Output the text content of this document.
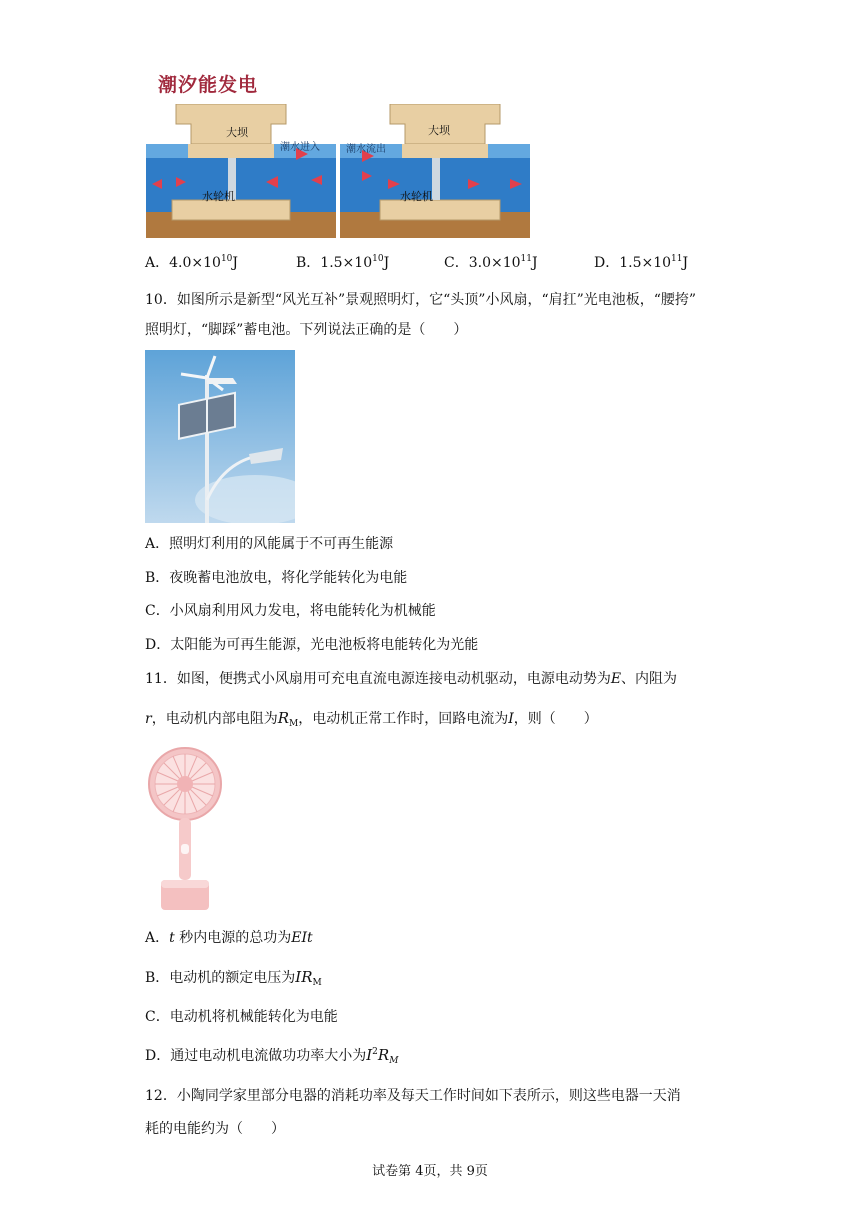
潮汐能发电
大坝
潮水进入
水轮机
大坝
潮水流出
水轮机
A．$4.0\times 10^{10}J$	B．$1.5\times 10^{10}J$	C．$3.0\times 10^{11}J$	D．$1.5\times 10^{11}J$
10．如图所示是新型“风光互补”景观照明灯，它“头顶”小风扇，“肩扛”光电池板，“腰挎”
照明灯，“脚踩”蓄电池。下列说法正确的是（　　）
A．照明灯利用的风能属于不可再生能源
B．夜晚蓄电池放电，将化学能转化为电能
C．小风扇利用风力发电，将电能转化为机械能
D．太阳能为可再生能源，光电池板将电能转化为光能
11．如图，便携式小风扇用可充电直流电源连接电动机驱动，电源电动势为E、内阻为
r，电动机内部电阻为$R_M$，电动机正常工作时，回路电流为I，则（　　）
A．t 秒内电源的总功为EIt
B．电动机的额定电压为$IR_M$
C．电动机将机械能转化为电能
D．通过电动机电流做功功率大小为$I^2R_M$
12．小陶同学家里部分电器的消耗功率及每天工作时间如下表所示，则这些电器一天消
耗的电能约为（　　）
试卷第 4页，共 9页
